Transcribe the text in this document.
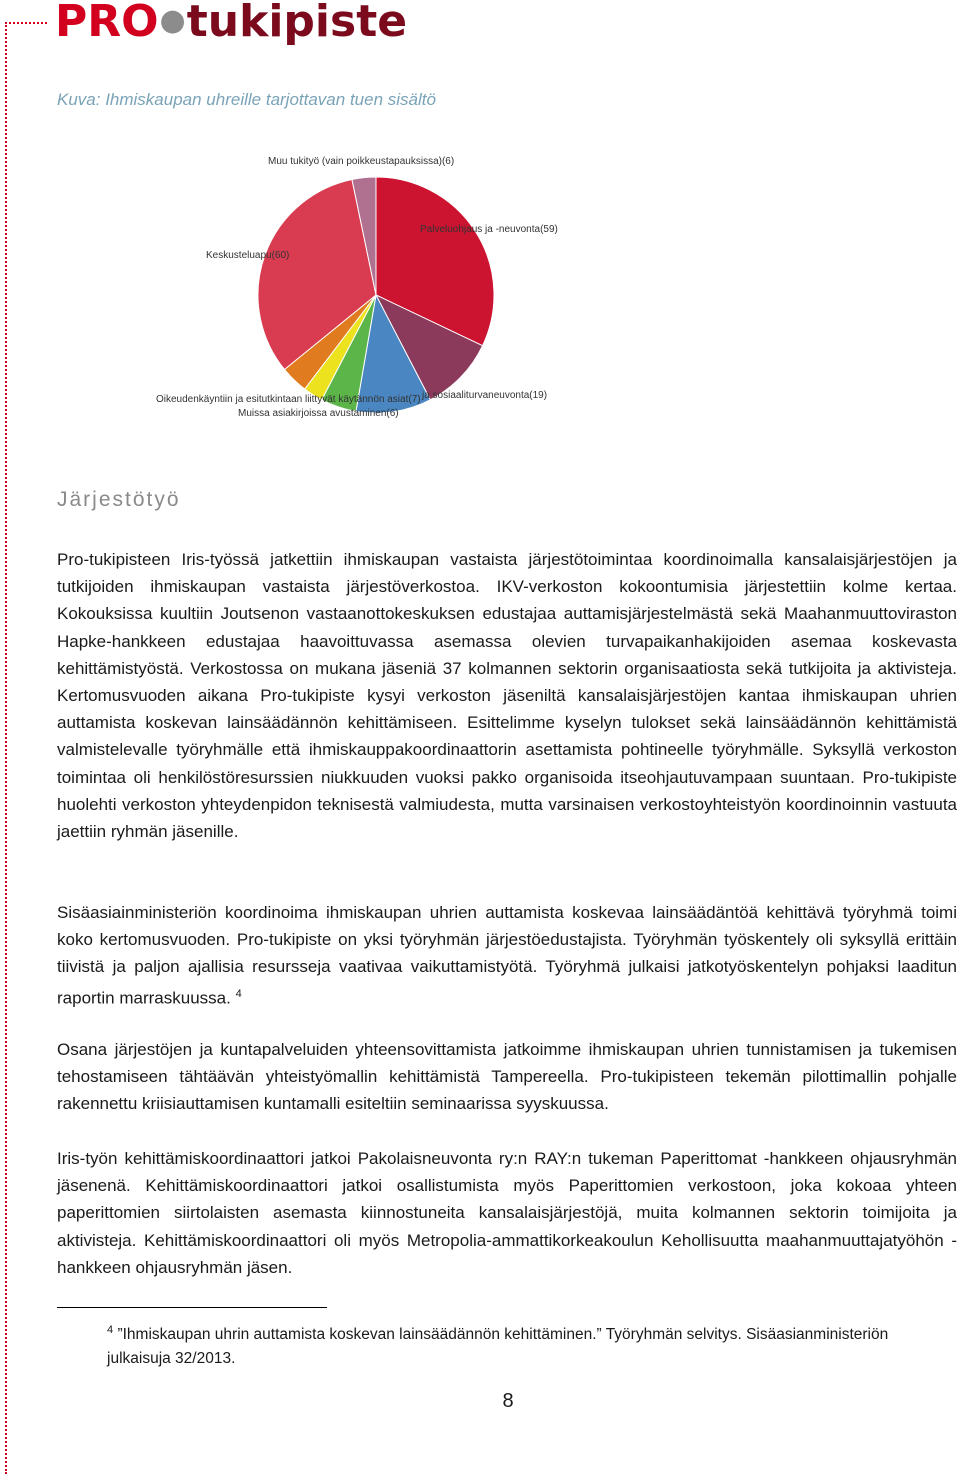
PRO●tukipiste

Kuva: Ihmiskaupan uhreille tarjottavan tuen sisältö

Muu tukityö (vain poikkeustapauksissa)(6)
Palveluohjaus ja -neuvonta(59)
Keskusteluapu(60)
Oikeudenkäyntiin ja esitutkintaan liittyvät käytännön asiat(7) ja sosiaaliturvaneuvonta(19)
Muissa asiakirjoissa avustaminen(6)
Järjestötyö

Pro-tukipisteen Iris-työssä jatkettiin ihmiskaupan vastaista järjestötoimintaa koordinoimalla kansalaisjärjestöjen ja tutkijoiden ihmiskaupan vastaista järjestöverkostoa. IKV-verkoston kokoontumisia järjestettiin kolme kertaa. Kokouksissa kuultiin Joutsenon vastaanottokeskuksen edustajaa auttamisjärjestelmästä sekä Maahanmuuttoviraston Hapke-hankkeen edustajaa haavoittuvassa asemassa olevien turvapaikanhakijoiden asemaa koskevasta kehittämistyöstä. Verkostossa on mukana jäseniä 37 kolmannen sektorin organisaatiosta sekä tutkijoita ja aktivisteja. Kertomusvuoden aikana Pro-tukipiste kysyi verkoston jäseniltä kansalaisjärjestöjen kantaa ihmiskaupan uhrien auttamista koskevan lainsäädännön kehittämiseen. Esittelimme kyselyn tulokset sekä lainsäädännön kehittämistä valmistelevalle työryhmälle että ihmiskauppakoordinaattorin asettamista pohtineelle työryhmälle. Syksyllä verkoston toimintaa oli henkilöstöresurssien niukkuuden vuoksi pakko organisoida itseohjautuvampaan suuntaan. Pro-tukipiste huolehti verkoston yhteydenpidon teknisestä valmiudesta, mutta varsinaisen verkostoyhteistyön koordinoinnin vastuuta jaettiin ryhmän jäsenille.

Sisäasiainministeriön koordinoima ihmiskaupan uhrien auttamista koskevaa lainsäädäntöä kehittävä työryhmä toimi koko kertomusvuoden. Pro-tukipiste on yksi työryhmän järjestöedustajista. Työryhmän työskentely oli syksyllä erittäin tiivistä ja paljon ajallisia resursseja vaativaa vaikuttamistyötä. Työryhmä julkaisi jatkotyöskentelyn pohjaksi laaditun raportin marraskuussa. $^4$

Osana järjestöjen ja kuntapalveluiden yhteensovittamista jatkoimme ihmiskaupan uhrien tunnistamisen ja tukemisen tehostamiseen tähtäävän yhteistyömallin kehittämistä Tampereella. Pro-tukipisteen tekemän pilottimallin pohjalle rakennettu kriisiauttamisen kuntamalli esiteltiin seminaarissa syyskuussa.

Iris-työn kehittämiskoordinaattori jatkoi Pakolaisneuvonta ry:n RAY:n tukeman Paperittomat -hankkeen ohjausryhmän jäsenenä. Kehittämiskoordinaattori jatkoi osallistumista myös Paperittomien verkostoon, joka kokoaa yhteen paperittomien siirtolaisten asemasta kiinnostuneita kansalaisjärjestöjä, muita kolmannen sektorin toimijoita ja aktivisteja. Kehittämiskoordinaattori oli myös Metropolia-ammattikorkeakoulun Kehollisuutta maahanmuuttajatyöhön -hankkeen ohjausryhmän jäsen.

$^4$ ”Ihmiskaupan uhrin auttamista koskevan lainsäädännön kehittäminen.” Työryhmän selvitys. Sisäasianministeriön julkaisuja 32/2013.

8
